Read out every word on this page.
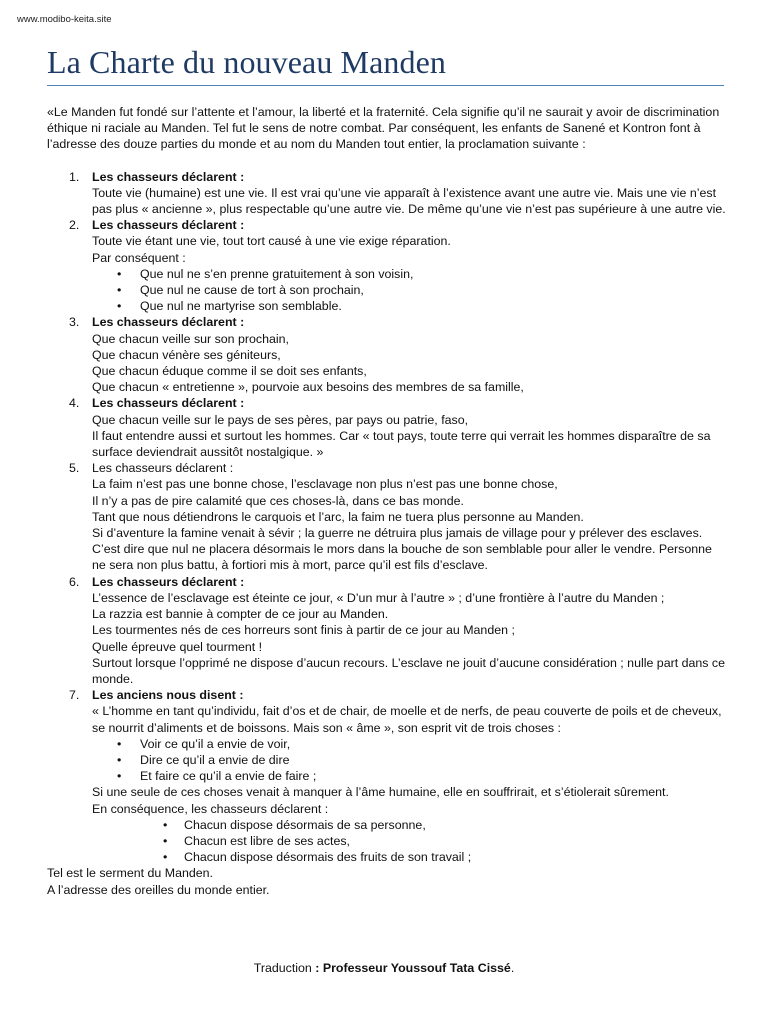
www.modibo-keita.site
La Charte du nouveau Manden

«Le Manden fut fondé sur l’attente et l’amour, la liberté et la fraternité. Cela signifie qu’il ne saurait y avoir de discrimination éthique ni raciale au Manden. Tel fut le sens de notre combat. Par conséquent, les enfants de Sanené et Kontron font à l’adresse des douze parties du monde et au nom du Manden tout entier, la proclamation suivante :

1. Les chasseurs déclarent :
Toute vie (humaine) est une vie. Il est vrai qu’une vie apparaît à l’existence avant une autre vie. Mais une vie n’est pas plus « ancienne », plus respectable qu’une autre vie. De même qu’une vie n’est pas supérieure à une autre vie.
2. Les chasseurs déclarent :
Toute vie étant une vie, tout tort causé à une vie exige réparation.
Par conséquent :
• Que nul ne s’en prenne gratuitement à son voisin,
• Que nul ne cause de tort à son prochain,
• Que nul ne martyrise son semblable.
3. Les chasseurs déclarent :
Que chacun veille sur son prochain,
Que chacun vénère ses géniteurs,
Que chacun éduque comme il se doit ses enfants,
Que chacun « entretienne », pourvoie aux besoins des membres de sa famille,
4. Les chasseurs déclarent :
Que chacun veille sur le pays de ses pères, par pays ou patrie, faso,
Il faut entendre aussi et surtout les hommes. Car « tout pays, toute terre qui verrait les hommes disparaître de sa surface deviendrait aussitôt nostalgique. »
5. Les chasseurs déclarent :
La faim n’est pas une bonne chose, l’esclavage non plus n’est pas une bonne chose,
Il n’y a pas de pire calamité que ces choses-là, dans ce bas monde.
Tant que nous détiendrons le carquois et l’arc, la faim ne tuera plus personne au Manden.
Si d’aventure la famine venait à sévir ; la guerre ne détruira plus jamais de village pour y prélever des esclaves. C’est dire que nul ne placera désormais le mors dans la bouche de son semblable pour aller le vendre. Personne ne sera non plus battu, à fortiori mis à mort, parce qu’il est fils d’esclave.
6. Les chasseurs déclarent :
L’essence de l’esclavage est éteinte ce jour, « D’un mur à l’autre » ; d’une frontière à l’autre du Manden ;
La razzia est bannie à compter de ce jour au Manden.
Les tourmentes nés de ces horreurs sont finis à partir de ce jour au Manden ;
Quelle épreuve quel tourment !
Surtout lorsque l’opprimé ne dispose d’aucun recours. L’esclave ne jouit d’aucune considération ; nulle part dans ce monde.
7. Les anciens nous disent :
« L’homme en tant qu’individu, fait d’os et de chair, de moelle et de nerfs, de peau couverte de poils et de cheveux, se nourrit d’aliments et de boissons. Mais son « âme », son esprit vit de trois choses :
• Voir ce qu’il a envie de voir,
• Dire ce qu’il a envie de dire
• Et faire ce qu’il a envie de faire ;
Si une seule de ces choses venait à manquer à l’âme humaine, elle en souffrirait, et s’étiolerait sûrement.
En conséquence, les chasseurs déclarent :
• Chacun dispose désormais de sa personne,
• Chacun est libre de ses actes,
• Chacun dispose désormais des fruits de son travail ;

Tel est le serment du Manden.

A l’adresse des oreilles du monde entier.

Traduction : Professeur Youssouf Tata Cissé.
